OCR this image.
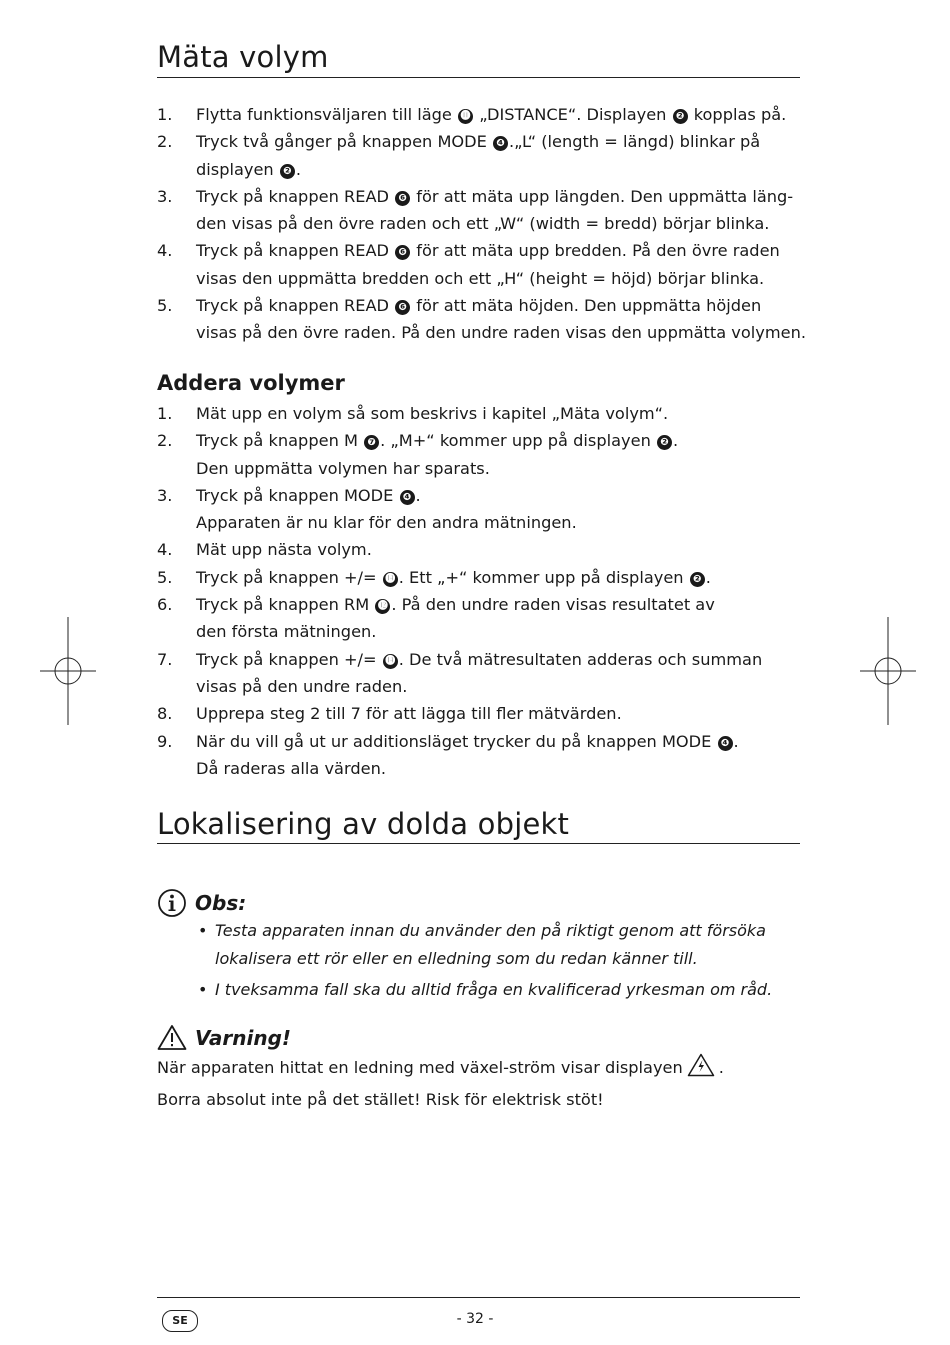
Mäta volym
1. Flytta funktionsväljaren till läge ⓫ „DISTANCE“. Displayen ❷ kopplas på.
2. Tryck två gånger på knappen MODE ❹ .„L“ (length = längd) blinkar på displayen ❷ .
3. Tryck på knappen READ ❻ för att mäta upp längden. Den uppmätta läng-den visas på den övre raden och ett „W“ (width = bredd) börjar blinka.
4. Tryck på knappen READ ❻ för att mäta upp bredden. På den övre raden visas den uppmätta bredden och ett „H“ (height = höjd) börjar blinka.
5. Tryck på knappen READ ❻ för att mäta höjden. Den uppmätta höjden visas på den övre raden. På den undre raden visas den uppmätta volymen.
Addera volymer
1. Mät upp en volym så som beskrivs i kapitel „Mäta volym“.
2. Tryck på knappen M ❼ . „M+“ kommer upp på displayen ❷ .
Den uppmätta volymen har sparats.
3. Tryck på knappen MODE ❹ .
Apparaten är nu klar för den andra mätningen.
4. Mät upp nästa volym.
5. Tryck på knappen +/= ⓮ . Ett „+“ kommer upp på displayen ❷ .
6. Tryck på knappen RM ⓬ . På den undre raden visas resultatet av
den första mätningen.
7. Tryck på knappen +/= ⓮ . De två mätresultaten adderas och summan
visas på den undre raden.
8. Upprepa steg 2 till 7 för att lägga till fler mätvärden.
9. När du vill gå ut ur additionsläget trycker du på knappen MODE ❹ .
Då raderas alla värden.
Lokalisering av dolda objekt
Obs:
• Testa apparaten innan du använder den på riktigt genom att försöka lokalisera ett rör eller en elledning som du redan känner till.
• I tveksamma fall ska du alltid fråga en kvalificerad yrkesman om råd.
Varning!
När apparaten hittat en ledning med växel-ström visar displayen .
Borra absolut inte på det stället! Risk för elektrisk stöt!
SE	- 32 -
